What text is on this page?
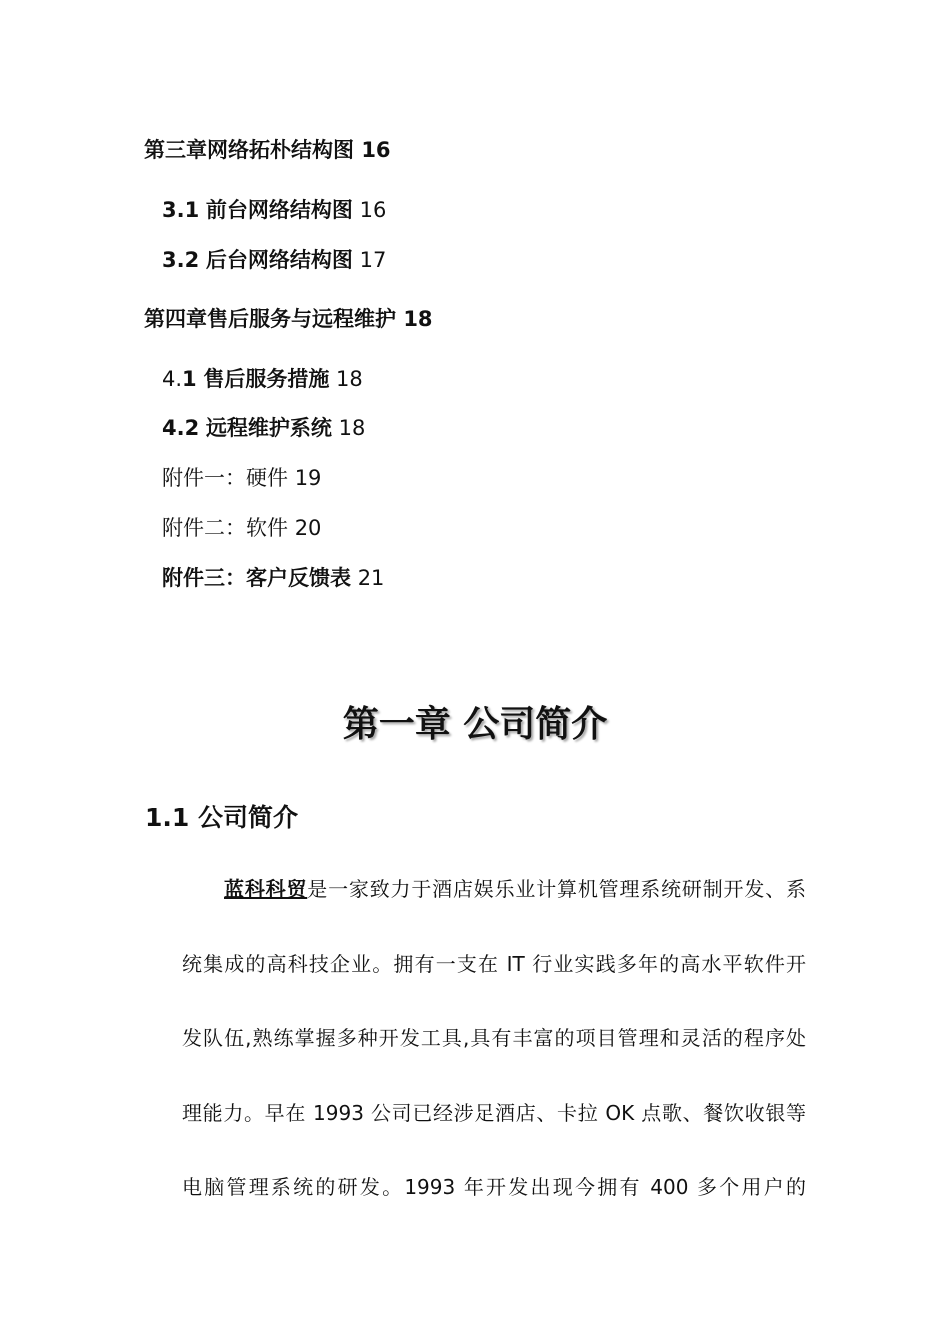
第三章网络拓朴结构图 16
3.1 前台网络结构图 16
3.2 后台网络结构图 17
第四章售后服务与远程维护 18
4.1 售后服务措施 18
4.2 远程维护系统 18
附件一：硬件 19
附件二：软件 20
附件三：客户反馈表 21
第一章 公司简介
1.1 公司简介
蓝科科贸是一家致力于酒店娱乐业计算机管理系统研制开发、系
统集成的高科技企业。拥有一支在 IT 行业实践多年的高水平软件开
发队伍,熟练掌握多种开发工具,具有丰富的项目管理和灵活的程序处
理能力。早在 1993 公司已经涉足酒店、卡拉 OK 点歌、餐饮收银等
电脑管理系统的研发。1993 年开发出现今拥有 400 多个用户的
